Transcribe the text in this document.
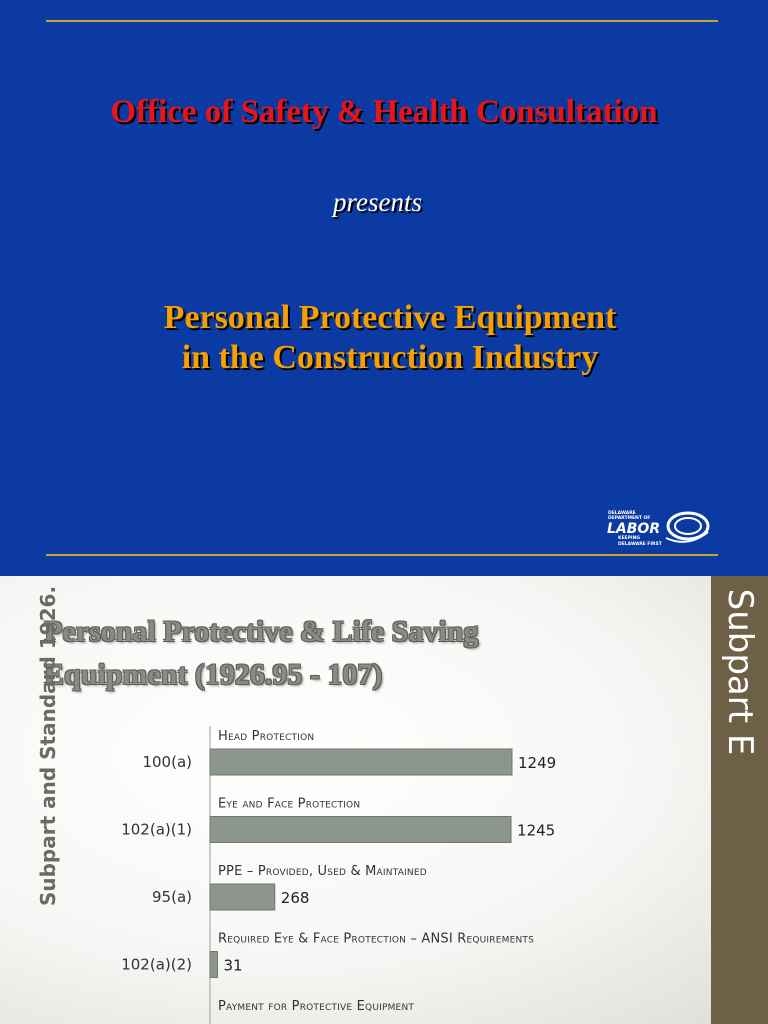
Office of Safety & Health Consultation
presents
Personal Protective Equipment
in the Construction Industry
DELAWARE
DEPARTMENT OF
LABOR
KEEPING
DELAWARE FIRST
Personal Protective & Life Saving
Equipment (1926.95 - 107)
Subpart and Standard 1926.	Head Protection
100(a)	1249
Eye and Face Protection
102(a)(1)	1245
PPE – Provided, Used & Maintained
95(a)	268
Required Eye & Face Protection – ANSI Requirements
102(a)(2) 31
Payment for Protective Equipment
Subpart E
